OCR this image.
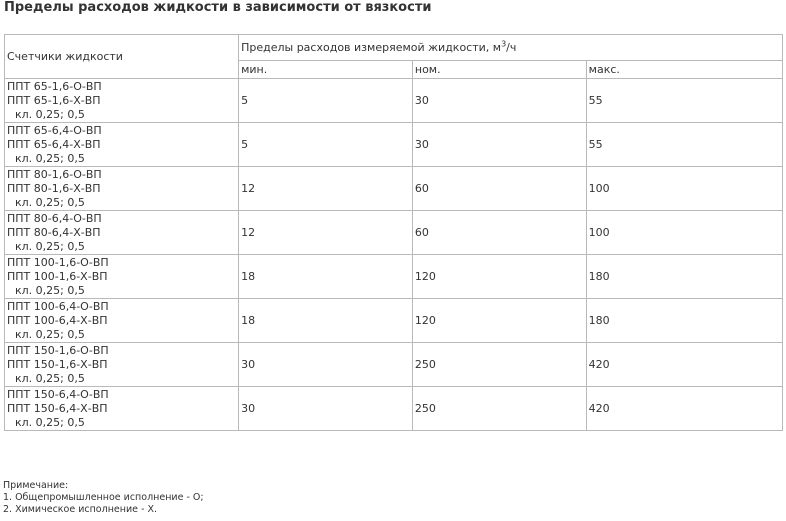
Пределы расходов жидкости в зависимости от вязкости
Счетчики жидкости	Пределы расходов измеряемой жидкости, $м^3/ч$		
	мин.	ном.	макс.

ППТ 65-1,6-О-ВП
ППТ 65-1,6-Х-ВП
кл. 0,25; 0,5	5	30	55

ППТ 65-6,4-О-ВП
ППТ 65-6,4-Х-ВП
кл. 0,25; 0,5	5	30	55

ППТ 80-1,6-О-ВП
ППТ 80-1,6-Х-ВП
кл. 0,25; 0,5	12	60	100

ППТ 80-6,4-О-ВП
ППТ 80-6,4-Х-ВП
кл. 0,25; 0,5	12	60	100

ППТ 100-1,6-О-ВП
ППТ 100-1,6-Х-ВП
кл. 0,25; 0,5	18	120	180

ППТ 100-6,4-О-ВП
ППТ 100-6,4-Х-ВП
кл. 0,25; 0,5	18	120	180

ППТ 150-1,6-О-ВП
ППТ 150-1,6-Х-ВП
кл. 0,25; 0,5	30	250	420

ППТ 150-6,4-О-ВП
ППТ 150-6,4-Х-ВП
кл. 0,25; 0,5	30	250	420
Примечание:
1. Общепромышленное исполнение - О;
2. Химическое исполнение - Х.
